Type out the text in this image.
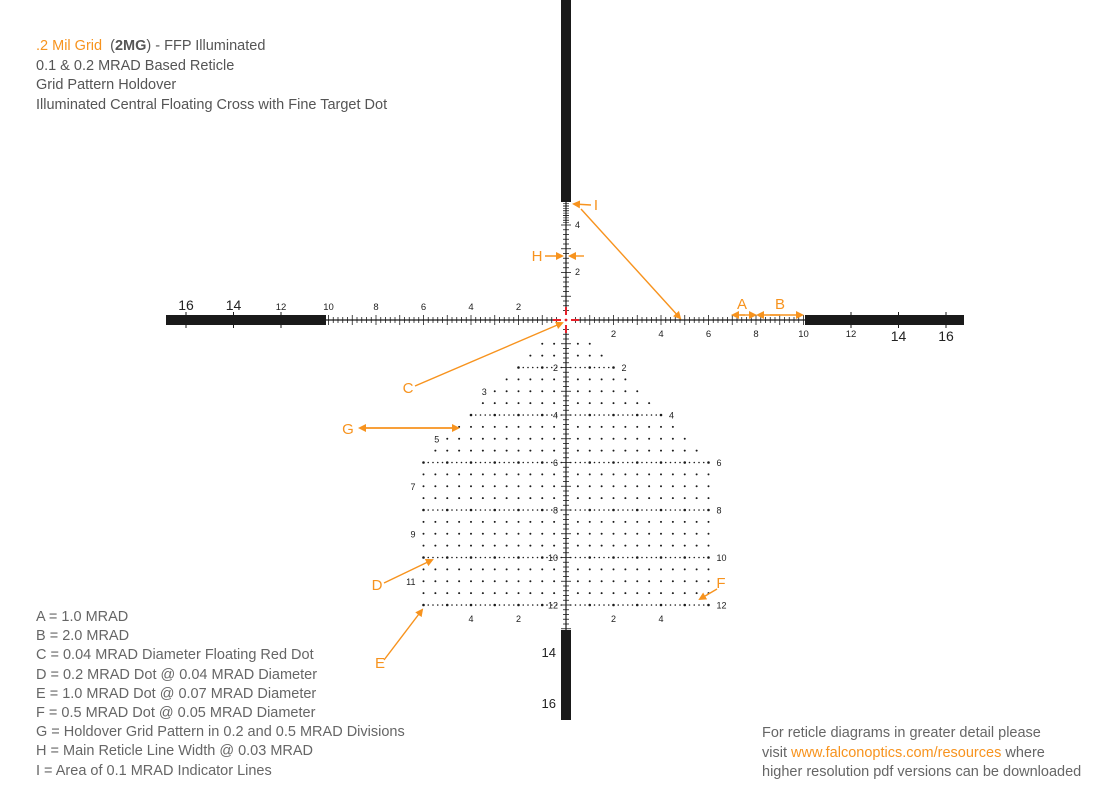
.2 Mil Grid  (2MG) - FFP Illuminated
0.1 & 0.2 MRAD Based Reticle
Grid Pattern Holdover
Illuminated Central Floating Cross with Fine Target Dot
16 14	12	10	8	6	4	2
2	4	6	8	10	12 14 16
4
2
14
16
2
4
6
8
10
12
3
5
7
9
11
2
4
6
8
10
12
4	2	2	4
A B
C
D
E
F
G
H
I
A = 1.0 MRAD
B = 2.0 MRAD
C = 0.04 MRAD Diameter Floating Red Dot
D = 0.2 MRAD Dot @ 0.04 MRAD Diameter
E = 1.0 MRAD Dot @ 0.07 MRAD Diameter
F = 0.5 MRAD Dot @ 0.05 MRAD Diameter
G = Holdover Grid Pattern in 0.2 and 0.5 MRAD Divisions
H = Main Reticle Line Width @ 0.03 MRAD
I = Area of 0.1 MRAD Indicator Lines
For reticle diagrams in greater detail please
visit www.falconoptics.com/resources where
higher resolution pdf versions can be downloaded
